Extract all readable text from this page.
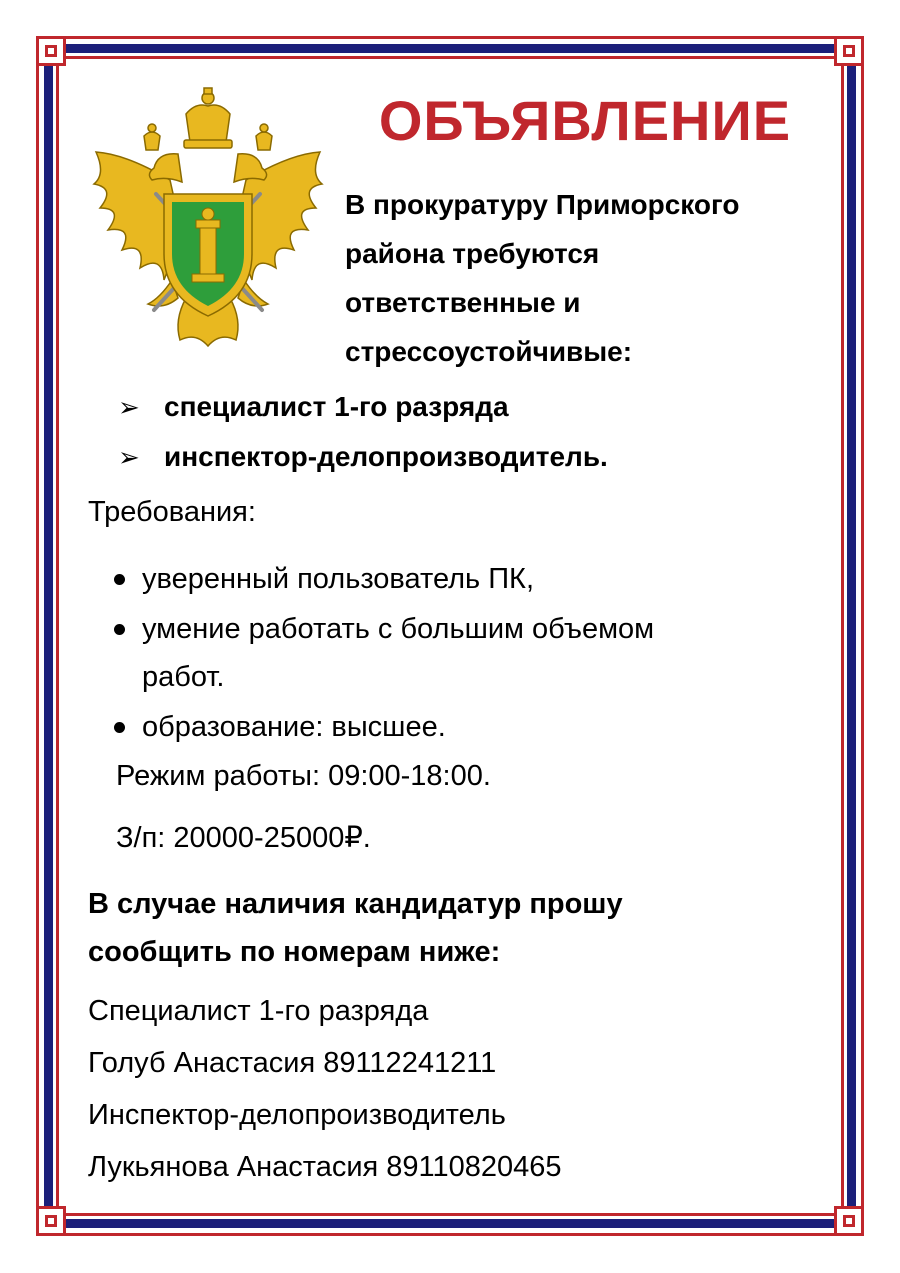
ОБЪЯВЛЕНИЕ

В прокуратуру Приморского
района требуются
ответственные и
стрессоустойчивые:

➢ специалист 1-го разряда
➢ инспектор-делопроизводитель.

Требования:

уверенный пользователь ПК,
умение работать с большим объемом
работ.
образование: высшее.

Режим работы: 09:00-18:00.

З/п: 20000-25000₽.

В случае наличия кандидатур прошу
сообщить по номерам ниже:

Специалист 1-го разряда
Голуб Анастасия 89112241211
Инспектор-делопроизводитель
Лукьянова Анастасия 89110820465
